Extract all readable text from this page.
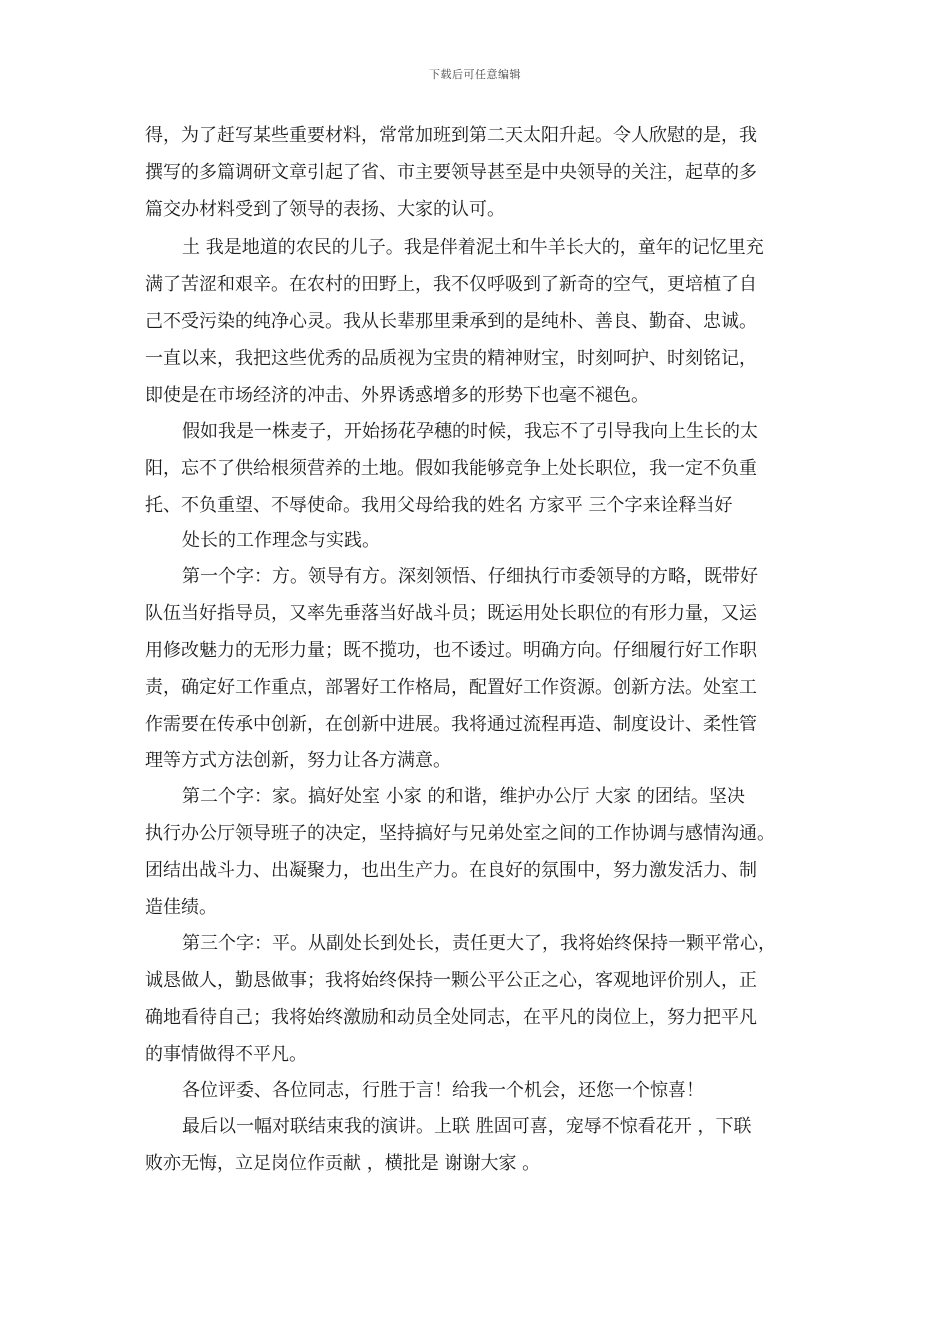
下载后可任意编辑
得，为了赶写某些重要材料，常常加班到第二天太阳升起。令人欣慰的是，我
撰写的多篇调研文章引起了省、市主要领导甚至是中央领导的关注，起草的多
篇交办材料受到了领导的表扬、大家的认可。
土 我是地道的农民的儿子。我是伴着泥土和牛羊长大的，童年的记忆里充
满了苦涩和艰辛。在农村的田野上，我不仅呼吸到了新奇的空气，更培植了自
己不受污染的纯净心灵。我从长辈那里秉承到的是纯朴、善良、勤奋、忠诚。
一直以来，我把这些优秀的品质视为宝贵的精神财宝，时刻呵护、时刻铭记，
即使是在市场经济的冲击、外界诱惑增多的形势下也毫不褪色。
假如我是一株麦子，开始扬花孕穗的时候，我忘不了引导我向上生长的太
阳，忘不了供给根须营养的土地。假如我能够竞争上处长职位，我一定不负重
托、不负重望、不辱使命。我用父母给我的姓名 方家平 三个字来诠释当好
处长的工作理念与实践。
第一个字：方。领导有方。深刻领悟、仔细执行市委领导的方略，既带好
队伍当好指导员，又率先垂落当好战斗员；既运用处长职位的有形力量，又运
用修改魅力的无形力量；既不揽功，也不诿过。明确方向。仔细履行好工作职
责，确定好工作重点，部署好工作格局，配置好工作资源。创新方法。处室工
作需要在传承中创新，在创新中进展。我将通过流程再造、制度设计、柔性管
理等方式方法创新，努力让各方满意。
第二个字：家。搞好处室 小家 的和谐，维护办公厅 大家 的团结。坚决
执行办公厅领导班子的决定，坚持搞好与兄弟处室之间的工作协调与感情沟通。
团结出战斗力、出凝聚力，也出生产力。在良好的氛围中，努力激发活力、制
造佳绩。
第三个字：平。从副处长到处长，责任更大了，我将始终保持一颗平常心，
诚恳做人，勤恳做事；我将始终保持一颗公平公正之心，客观地评价别人，正
确地看待自己；我将始终激励和动员全处同志，在平凡的岗位上，努力把平凡
的事情做得不平凡。
各位评委、各位同志，行胜于言！给我一个机会，还您一个惊喜！
最后以一幅对联结束我的演讲。上联 胜固可喜，宠辱不惊看花开 ，下联
败亦无悔，立足岗位作贡献 ，横批是 谢谢大家 。
